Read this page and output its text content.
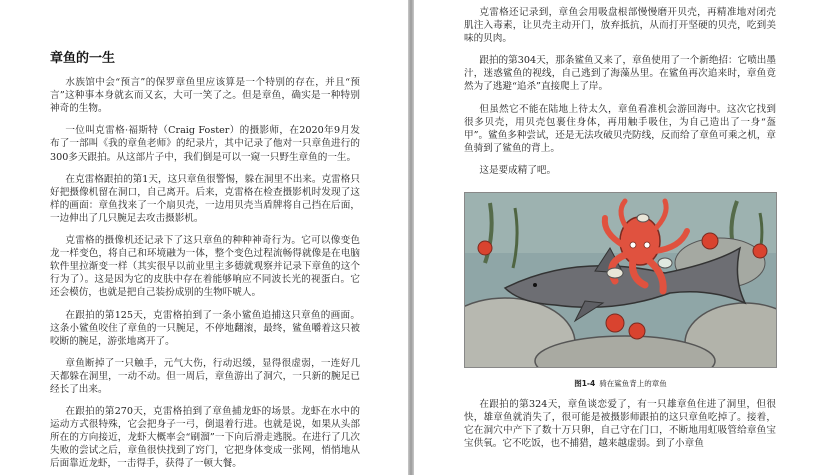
章鱼的一生

水族馆中会“预言”的保罗章鱼里应该算是一个特别的存在，并且“预言”这种事本身就玄而又玄，大可一笑了之。但是章鱼，确实是一种特别神奇的生物。

一位叫克雷格·福斯特（Craig Foster）的摄影师，在2020年9月发布了一部叫《我的章鱼老师》的纪录片，其中记录了他对一只章鱼进行的300多天跟拍。从这部片子中，我们倒是可以一窥一只野生章鱼的一生。

在克雷格跟拍的第1天，这只章鱼很警惕，躲在洞里不出来。克雷格只好把摄像机留在洞口，自己离开。后来，克雷格在检查摄影机时发现了这样的画面：章鱼找来了一个扇贝壳，一边用贝壳当盾牌将自己挡在后面，一边伸出了几只腕足去攻击摄影机。

克雷格的摄像机还记录下了这只章鱼的种种神奇行为。它可以像变色龙一样变色，将自己和环境融为一体，整个变色过程流畅得就像是在电脑软件里拉渐变一样（其实很早以前业里主多德就观察并记录下章鱼的这个行为了）。这是因为它的皮肤中存在着能够响应不同波长光的视蛋白。它还会模仿，也就是把自己装扮成别的生物吓唬人。

在跟拍的第125天，克雷格拍到了一条小鲨鱼追捕这只章鱼的画面。这条小鲨鱼咬住了章鱼的一只腕足，不停地翻滚，最终，鲨鱼嚼着这只被咬断的腕足，游张地离开了。

章鱼断掉了一只触手，元气大伤，行动迟缓，显得很虚弱，一连好几天都躲在洞里，一动不动。但一周后，章鱼游出了洞穴，一只新的腕足已经长了出来。

在跟拍的第270天，克雷格拍到了章鱼捕龙虾的场景。龙虾在水中的运动方式很特殊，它会把身子一弓，倒退着行进。也就是说，如果从头部所在的方向接近，龙虾大概率会“刷溜”一下向后滑走逃脱。在进行了几次失败的尝试之后，章鱼很快找到了窍门，它把身体变成一张网，悄悄地从后面靠近龙虾，一击得手，获得了一顿大餐。

克雷格还记录到，章鱼会用吸盘根部慢慢磨开贝壳，再精准地对闭壳肌注入毒素，让贝壳主动开门，放弃抵抗，从而打开坚硬的贝壳，吃到美味的贝肉。

跟拍的第304天，那条鲨鱼又来了，章鱼使用了一个新绝招：它喷出墨汁，迷惑鲨鱼的视线，自己逃到了海藻丛里。在鲨鱼再次追来时，章鱼竟然为了逃避“追杀”直接爬上了岸。

但虽然它不能在陆地上待太久，章鱼看准机会游回海中。这次它找到很多贝壳，用贝壳包裹住身体，再用触手吸住，为自己造出了一身“盔甲”。鲨鱼多种尝试，还是无法攻破贝壳防线，反而给了章鱼可乘之机，章鱼骑到了鲨鱼的背上。

这是要成精了吧。

图1-4 骑在鲨鱼背上的章鱼

在跟拍的第324天，章鱼谈恋爱了，有一只雄章鱼住进了洞里，但很快，雄章鱼就消失了，很可能是被摄影师跟拍的这只章鱼吃掉了。接着，它在洞穴中产下了数十万只卵，自己守在门口，不断地用虹吸管给章鱼宝宝供氧。它不吃饭，也不捕猎，越来越虚弱。到了小章鱼
